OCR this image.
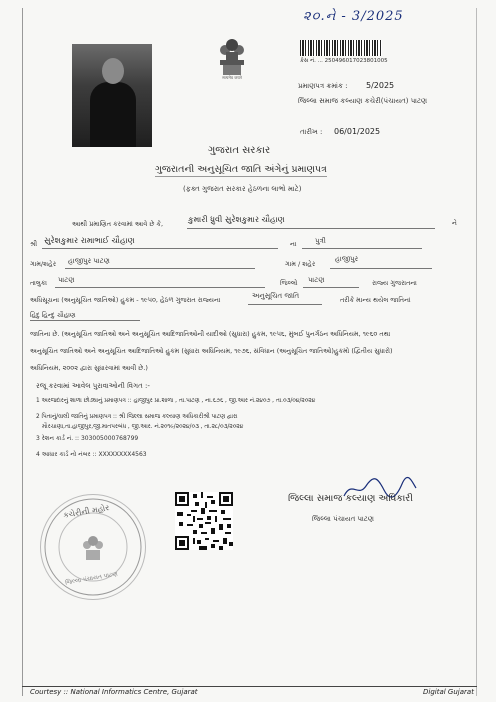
૨૦.ને - 3/2025
सत्यमेव जयते
કેસ નં. ... 250496017023801005
પ્રમાણપત્ર ક્રમાંક : 5/2025
જિલ્લા સમાજ કલ્યાણ કચેરી(પંચાયત) પાટણ
તારીખ : 06/01/2025
ગુજરાત સરકાર
ગુજરાતની અનુસૂચિત જાતિ અંગેનું પ્રમાણપત્ર
(ફક્ત ગુજરાત સરકાર હેઠળના લાભો માટે)
આથી પ્રમાણિત કરવામાં આવે છે કે,	કુમારી ધ્રુવી સુરેશકુમાર ચૌહાણ	ને
શ્રી સુરેશકુમાર રામાભાઈ ચૌહાણ	ના	પુત્રી
ગામ/શહેર હાજીપુર પાટણ	ગામ / શહેર
હાજીપુર
તાલુકા પાટણ	જિલ્લો પાટણ	રાજ્ય ગુજરાતના
અધિસૂચના (અનુસૂચિત જાતિઓ) હુકમ - ૧૯૫૦, હેઠળ ગુજરાત રાજ્યના	અનુસૂચિત જાતિ	તરીકે માન્ય થયેલ જાતિનાં
હિંદુ હિન્દુ ચૌહાણ
જાતિના છે. (અનુસૂચિત જાતિઓ અને અનુસૂચિત આદિજાતિઓની યાદીઓ (સુધારા) હુકમ, ૧૯૫૬, મુંબઈ પુનર્ગઠન અધિનિયમ, ૧૯૬૦ તથા
અનુસૂચિત જાતિઓ અને અનુસૂચિત આદિજાતિઓ હુકમ (સુધારા અધિનિયમ, ૧૯૭૬, સંવિધાન (અનુસૂચિત જાતિઓ)હુકમો (દ્વિતીય સુધારો)
અધિનિયમ, ૨૦૦૨ દ્વારા સુધારવામાં આવી છે.)
રજૂ કરવામાં આવેલ પુરાવાઓની વિગત :-
1 અરજદારનું શાળા છોડ્યાનું પ્રમાણપત્ર :: હાજીપુર પ્રા.શાળા , તા.પાટણ , ના.૬૭૬ , જી.આર નં.૨૪૦૭ , તા.૦૩/૦૪/૨૦૨૪
2 પિતાનું/વાલી જાતિનું પ્રમાણપત્ર :: શ્રી જિલ્લા સમાજ કલ્યાણ અધિકારીશ્રી પાટણ દ્વારા
મૌરચાણા,તા.હાજીપુર,જી.માતપરબંધ , જી.આર. નં.૨૦૧૯/૨૦૨૪/૦૩ , તા.૨૮/૦૩/૨૦૨૪
3 રેશન કાર્ડ નં. :: 303005000768799
4 આધાર કાર્ડ નો નંબર :: XXXXXXXX4563
કચેરીની મહોર
જિલ્લા પંચાયત પાટણ
જિલ્લા સમાજ કલ્યાણ અધિકારી
જિલ્લા પંચાયત પાટણ
Courtesy :: National Informatics Centre, Gujarat	Digital Gujarat
